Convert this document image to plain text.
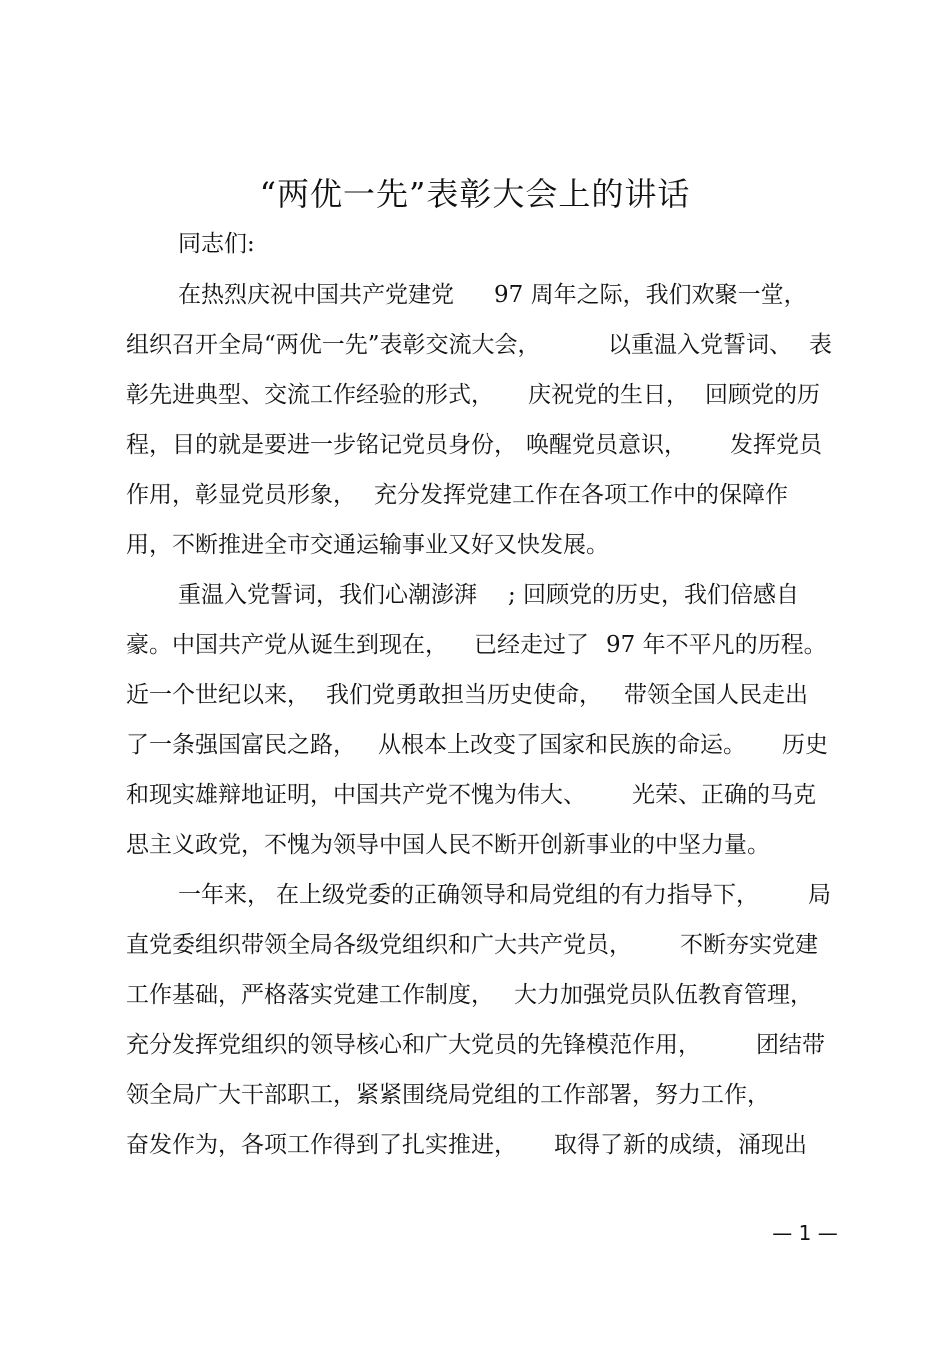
“两优一先”表彰大会上的讲话

同志们:

在热烈庆祝中国共产党建党

97 周年之际，我们欢聚一堂，

组织召开全局“两优一先”表彰交流大会，

	以重温入党誓词、

表

彰先进典型、交流工作经验的形式，

庆祝党的生日，

回顾党的历

程，目的就是要进一步铭记党员身份，

唤醒党员意识，

发挥党员

作用，彰显党员形象，

充分发挥党建工作在各项工作中的保障作

用，不断推进全市交通运输事业又好又快发展。

重温入党誓词，我们心潮澎湃

; 回顾党的历史，我们倍感自

豪。中国共产党从诞生到现在，

已经走过了

97 年不平凡的历程。

近一个世纪以来，

我们党勇敢担当历史使命，

带领全国人民走出

了一条强国富民之路，

从根本上改变了国家和民族的命运。

历史

和现实雄辩地证明，中国共产党不愧为伟大、

光荣、正确的马克

思主义政党，不愧为领导中国人民不断开创新事业的中坚力量。

一年来，

在上级党委的正确领导和局党组的有力指导下，

局

直党委组织带领全局各级党组织和广大共产党员，

不断夯实党建

工作基础，严格落实党建工作制度，

大力加强党员队伍教育管理，

充分发挥党组织的领导核心和广大党员的先锋模范作用，

团结带

领全局广大干部职工，紧紧围绕局党组的工作部署，努力工作，

奋发作为，各项工作得到了扎实推进，

取得了新的成绩，涌现出

— 1 —
